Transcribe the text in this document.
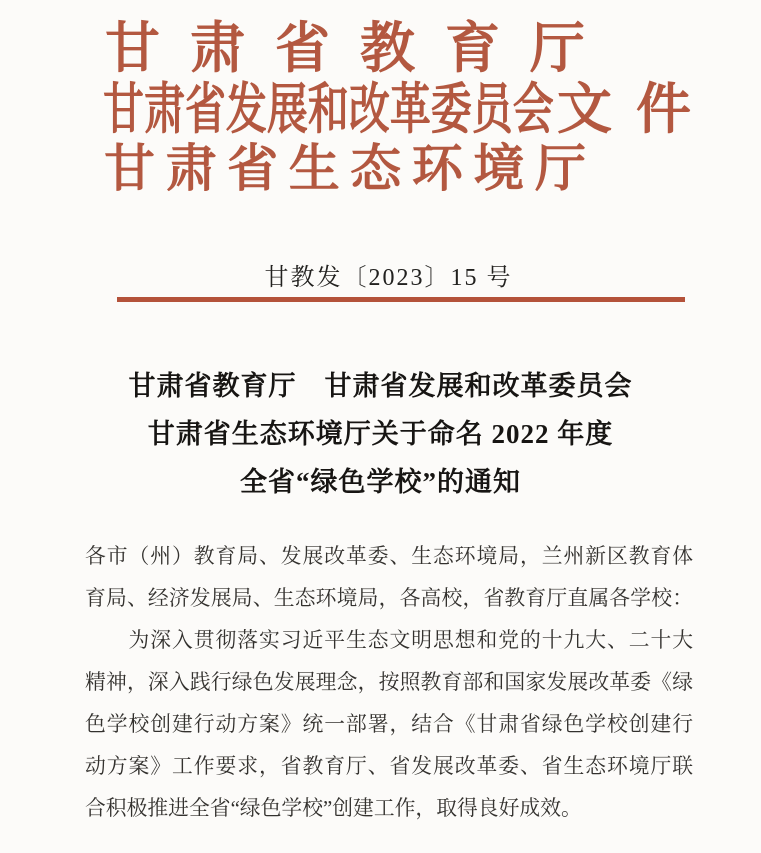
甘 肃 省 教 育 厅
甘肃省发展和改革委员会 文 件
甘 肃 省 生 态 环 境 厅
甘教发〔2023〕15 号
甘肃省教育厅　甘肃省发展和改革委员会
甘肃省生态环境厅关于命名 2022 年度
全省“绿色学校”的通知
各市（州）教育局、发展改革委、生态环境局，兰州新区教育体
育局、经济发展局、生态环境局，各高校，省教育厅直属各学校：
　　为深入贯彻落实习近平生态文明思想和党的十九大、二十大
精神，深入践行绿色发展理念，按照教育部和国家发展改革委《绿
色学校创建行动方案》统一部署，结合《甘肃省绿色学校创建行
动方案》工作要求，省教育厅、省发展改革委、省生态环境厅联
合积极推进全省“绿色学校”创建工作，取得良好成效。
